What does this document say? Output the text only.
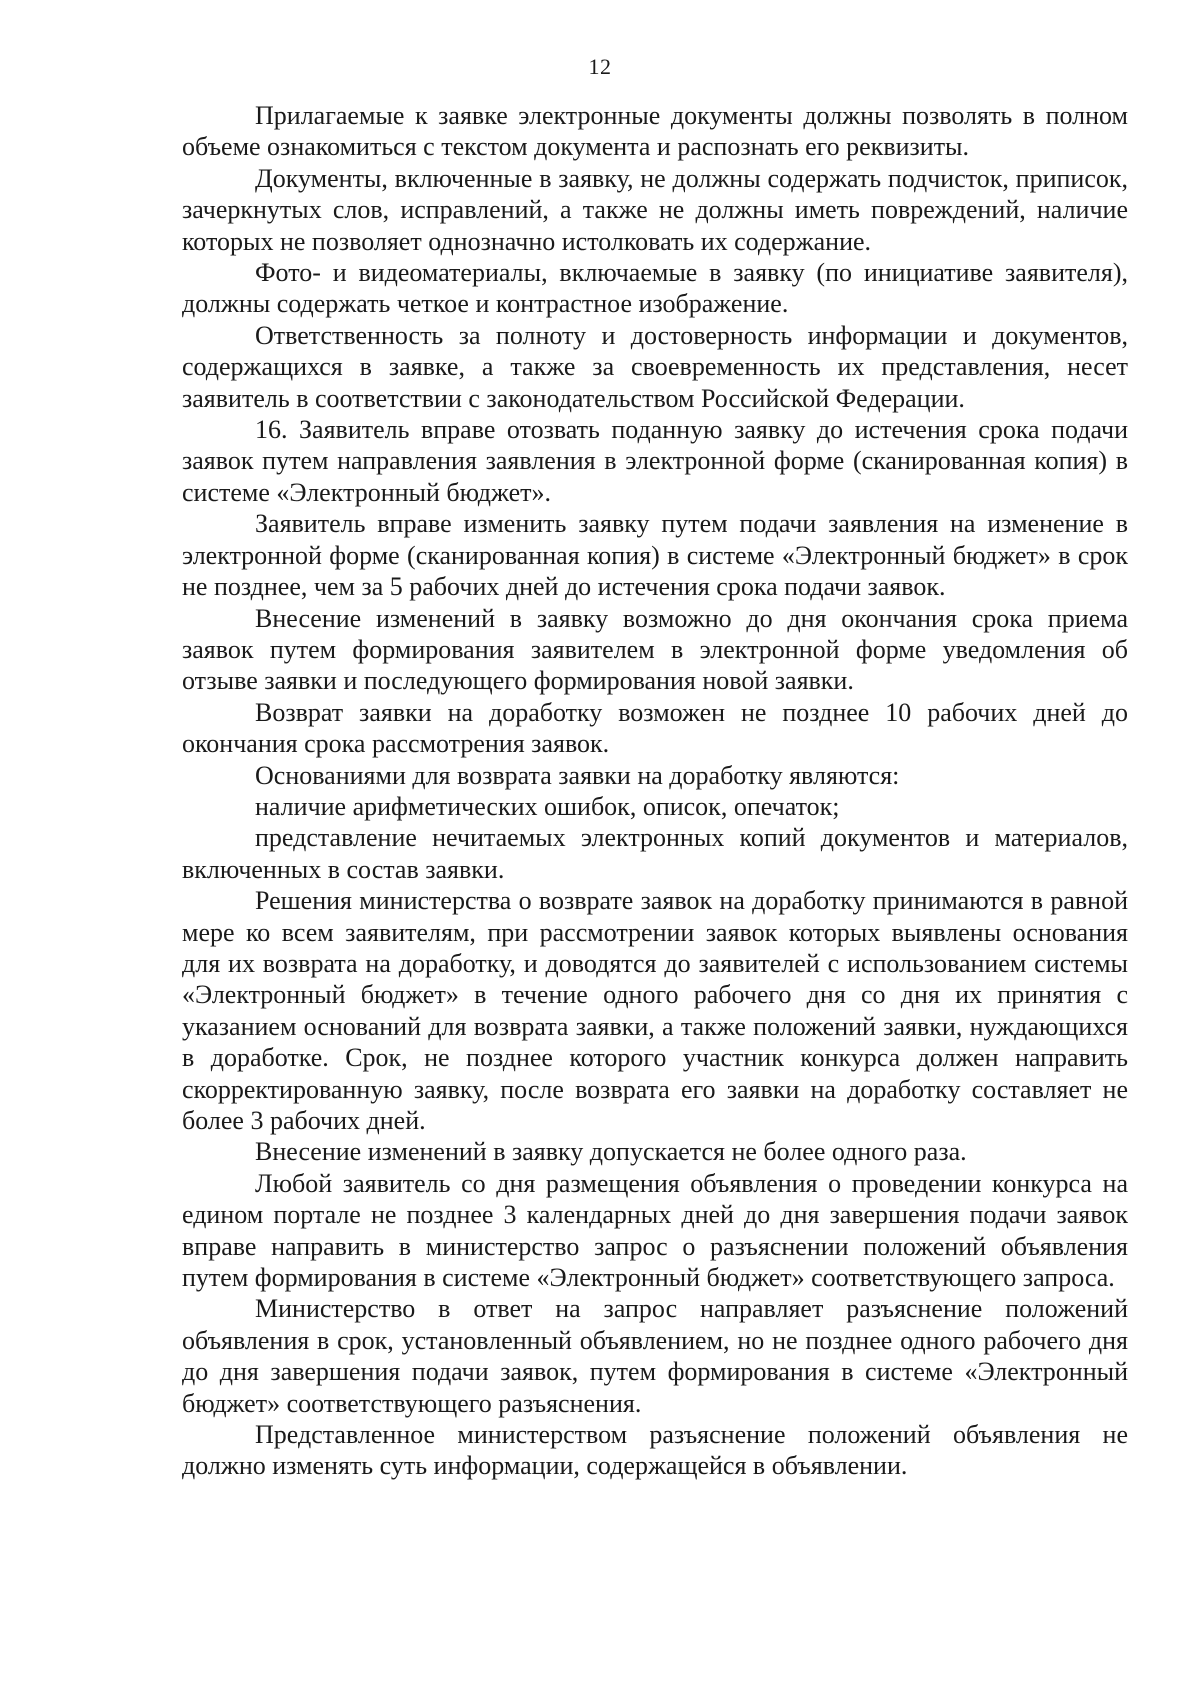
12

Прилагаемые к заявке электронные документы должны позволять в полном объеме ознакомиться с текстом документа и распознать его реквизиты.

Документы, включенные в заявку, не должны содержать подчисток, приписок, зачеркнутых слов, исправлений, а также не должны иметь повреждений, наличие которых не позволяет однозначно истолковать их содержание.

Фото- и видеоматериалы, включаемые в заявку (по инициативе заявителя), должны содержать четкое и контрастное изображение.

Ответственность за полноту и достоверность информации и документов, содержащихся в заявке, а также за своевременность их представления, несет заявитель в соответствии с законодательством Российской Федерации.

16. Заявитель вправе отозвать поданную заявку до истечения срока подачи заявок путем направления заявления в электронной форме (сканированная копия) в системе «Электронный бюджет».

Заявитель вправе изменить заявку путем подачи заявления на изменение в электронной форме (сканированная копия) в системе «Электронный бюджет» в срок не позднее, чем за 5 рабочих дней до истечения срока подачи заявок.

Внесение изменений в заявку возможно до дня окончания срока приема заявок путем формирования заявителем в электронной форме уведомления об отзыве заявки и последующего формирования новой заявки.

Возврат заявки на доработку возможен не позднее 10 рабочих дней до окончания срока рассмотрения заявок.

Основаниями для возврата заявки на доработку являются:

наличие арифметических ошибок, описок, опечаток;

представление нечитаемых электронных копий документов и материалов, включенных в состав заявки.

Решения министерства о возврате заявок на доработку принимаются в равной мере ко всем заявителям, при рассмотрении заявок которых выявлены основания для их возврата на доработку, и доводятся до заявителей с использованием системы «Электронный бюджет» в течение одного рабочего дня со дня их принятия с указанием оснований для возврата заявки, а также положений заявки, нуждающихся в доработке. Срок, не позднее которого участник конкурса должен направить скорректированную заявку, после возврата его заявки на доработку составляет не более 3 рабочих дней.

Внесение изменений в заявку допускается не более одного раза.

Любой заявитель со дня размещения объявления о проведении конкурса на едином портале не позднее 3 календарных дней до дня завершения подачи заявок вправе направить в министерство запрос о разъяснении положений объявления путем формирования в системе «Электронный бюджет» соответствующего запроса.

Министерство в ответ на запрос направляет разъяснение положений объявления в срок, установленный объявлением, но не позднее одного рабочего дня до дня завершения подачи заявок, путем формирования в системе «Электронный бюджет» соответствующего разъяснения.

Представленное министерством разъяснение положений объявления не должно изменять суть информации, содержащейся в объявлении.
